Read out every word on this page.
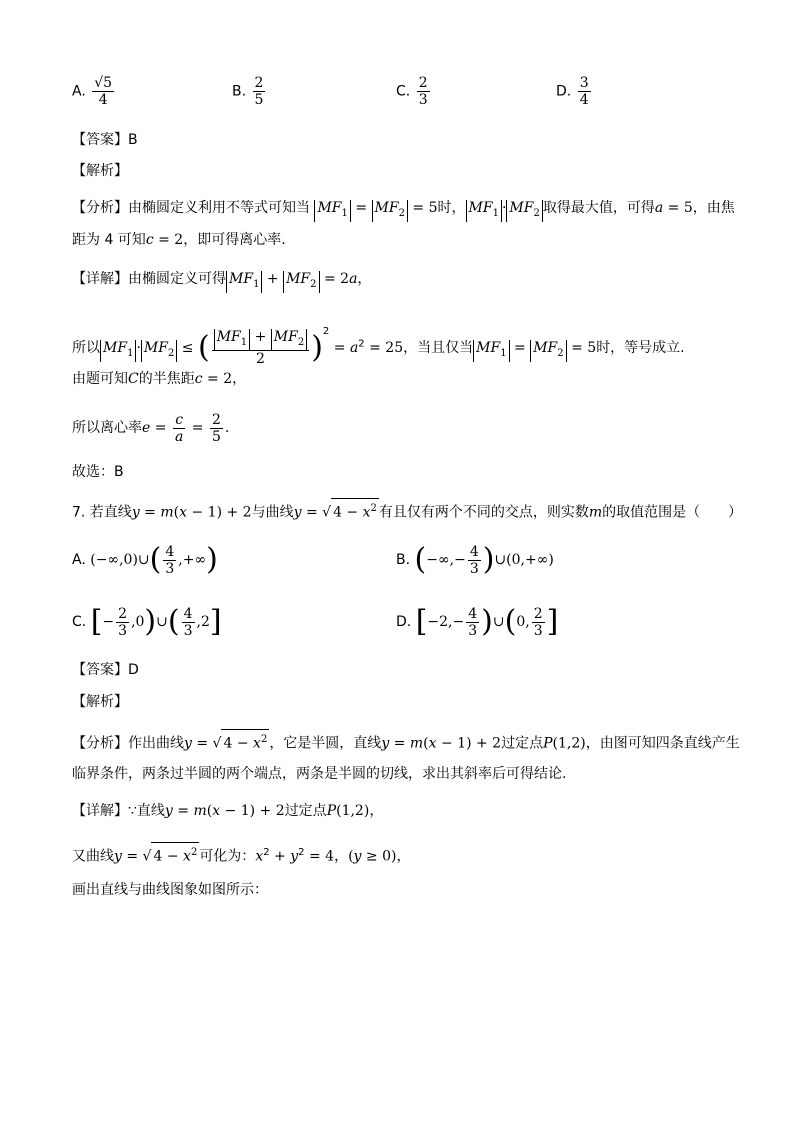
A. $\frac{√5}{4}$	B. $\frac{2}{5}$	C. $\frac{2}{3}$	D. $\frac{3}{4}$
【答案】B
【解析】
【分析】由椭圆定义利用不等式可知当 $MF_1 = MF_2 = 5$时， $MF_1 \cdot MF_2$ 取得最大值，可得a = 5，由焦
距为 4 可知c = 2，即可得离心率.
【详解】由椭圆定义可得 $MF_1 + MF_2 = 2a$，
所以 $MF_1 \cdot MF_2$ ≤ ( $\frac{MF_1 + MF_2}{2} )^2 = a^2 = 25$，当且仅当 $MF_1 = MF_2 = 5$时，等号成立.
由题可知C的半焦距c = 2，
所以离心率$e = \frac{c}{a} = \frac{2}{5}$ .
故选：B
7. 若直线y = m(x − 1) + 2与曲线y = √ $4 - x^2$ 有且仅有两个不同的交点，则实数m的取值范围是（　　）
A. (−∞,0)∪( $\frac{4}{3}$ ,+∞)	B. (−∞,− $\frac{4}{3}$ )∪(0,+∞)
C. [− $\frac{2}{3}$ ,0)∪( $\frac{4}{3} ,2$]	D. [$-2,- \frac{4}{3}$ )∪(0, $\frac{2}{3}$ ]
【答案】D
【解析】
【分析】作出曲线y = √ $4 - x^2$ ，它是半圆，直线y = m(x − 1) + 2过定点P(1,2)，由图可知四条直线产生
临界条件，两条过半圆的两个端点，两条是半圆的切线，求出其斜率后可得结论.
【详解】∵直线y = m(x − 1) + 2过定点P(1,2)，
又曲线y = √ $4 - x^2$ 可化为：$x^2 + y^2 = 4$，(y ≥ 0)，
画出直线与曲线图象如图所示：
